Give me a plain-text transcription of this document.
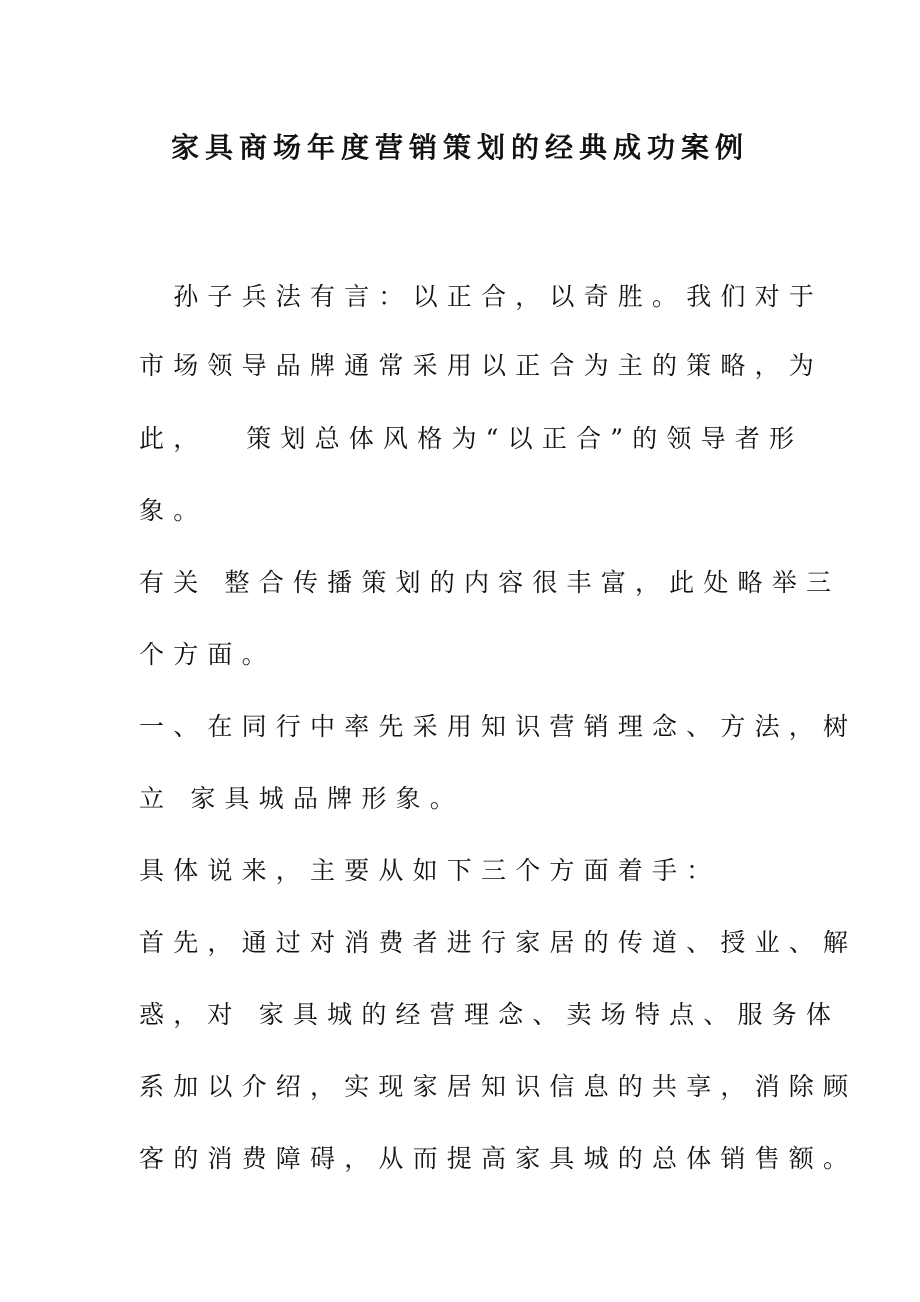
家具商场年度营销策划的经典成功案例
　孙子兵法有言：以正合，以奇胜。我们对于
市场领导品牌通常采用以正合为主的策略，为
此，　 策划总体风格为“以正合”的领导者形
象。
有关 整合传播策划的内容很丰富，此处略举三
个方面。
一、在同行中率先采用知识营销理念、方法，树
立 家具城品牌形象。
具体说来，主要从如下三个方面着手：
首先，通过对消费者进行家居的传道、授业、解
惑，对 家具城的经营理念、卖场特点、服务体
系加以介绍，实现家居知识信息的共享，消除顾
客的消费障碍，从而提高家具城的总体销售额。
